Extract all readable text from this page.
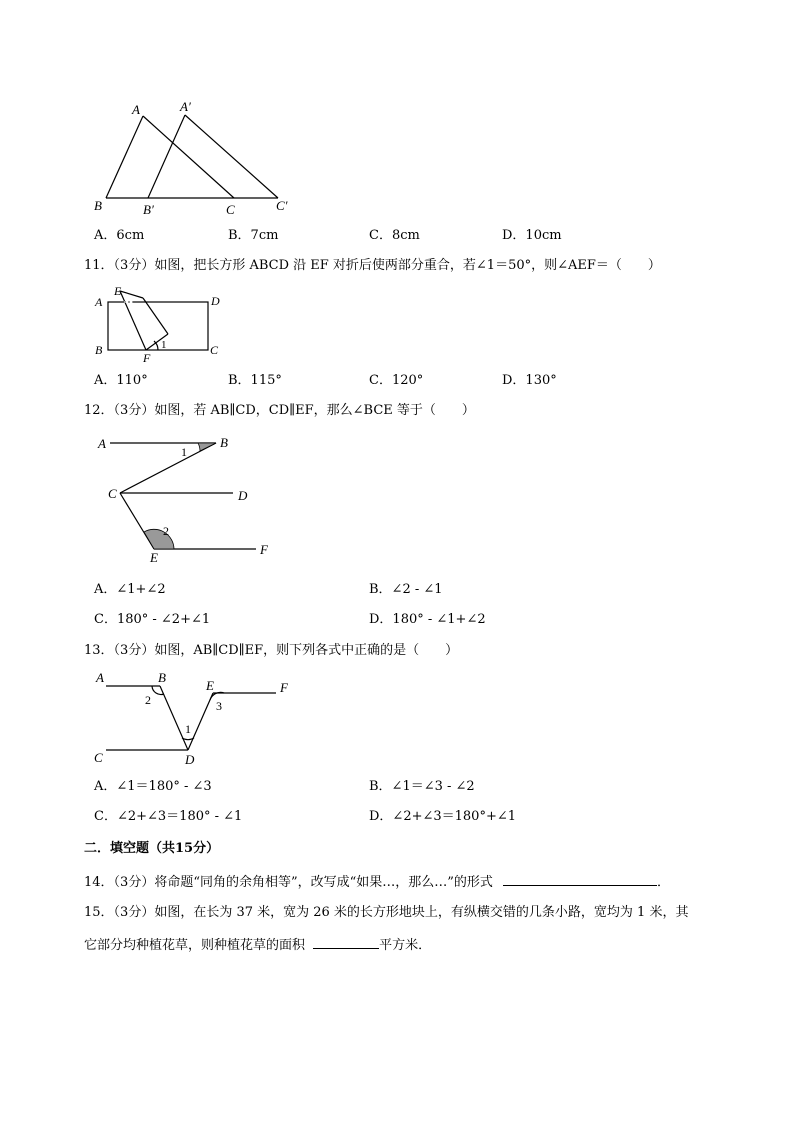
A	A′
B	B′	C	C′
A．6cm	B．7cm	C．8cm	D．10cm
11．（3分）如图，把长方形 ABCD 沿 EF 对折后使两部分重合，若∠1＝50°，则∠AEF＝（　　）
A
E
D
B
F
C
1
A．110°	B．115°	C．120°	D．130°
12．（3分）如图，若 AB∥CD，CD∥EF，那么∠BCE 等于（　　）
A	B
1
C	D
2
E
F
A．∠1+∠2	B．∠2 - ∠1
C．180° - ∠2+∠1	D．180° - ∠1+∠2
13．（3分）如图，AB∥CD∥EF，则下列各式中正确的是（　　）
A	B
E	F
2	3
1
C	D
A．∠1＝180° - ∠3	B．∠1＝∠3 - ∠2
C．∠2+∠3＝180° - ∠1	D．∠2+∠3＝180°+∠1
二．填空题（共15分）
14．（3分）将命题“同角的余角相等”，改写成“如果…，那么…”的形式	．
15．（3分）如图，在长为 37 米，宽为 26 米的长方形地块上，有纵横交错的几条小路，宽均为 1 米，其
它部分均种植花草，则种植花草的面积	平方米．
